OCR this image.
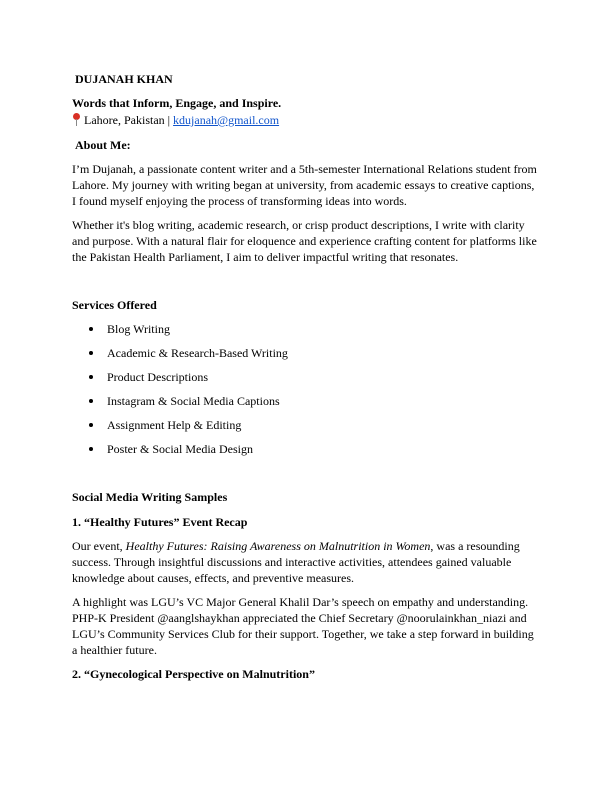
DUJANAH KHAN
Words that Inform, Engage, and Inspire.
Lahore, Pakistan | kdujanah@gmail.com
About Me:
I’m Dujanah, a passionate content writer and a 5th-semester International Relations student from Lahore. My journey with writing began at university, from academic essays to creative captions, I found myself enjoying the process of transforming ideas into words.
Whether it's blog writing, academic research, or crisp product descriptions, I write with clarity and purpose. With a natural flair for eloquence and experience crafting content for platforms like the Pakistan Health Parliament, I aim to deliver impactful writing that resonates.
Services Offered
Blog Writing
Academic & Research-Based Writing
Product Descriptions
Instagram & Social Media Captions
Assignment Help & Editing
Poster & Social Media Design
Social Media Writing Samples
1. “Healthy Futures” Event Recap
Our event, Healthy Futures: Raising Awareness on Malnutrition in Women, was a resounding success. Through insightful discussions and interactive activities, attendees gained valuable knowledge about causes, effects, and preventive measures.
A highlight was LGU’s VC Major General Khalil Dar’s speech on empathy and understanding. PHP-K President @aanglshaykhan appreciated the Chief Secretary @noorulainkhan_niazi and LGU’s Community Services Club for their support. Together, we take a step forward in building a healthier future.
2. “Gynecological Perspective on Malnutrition”
